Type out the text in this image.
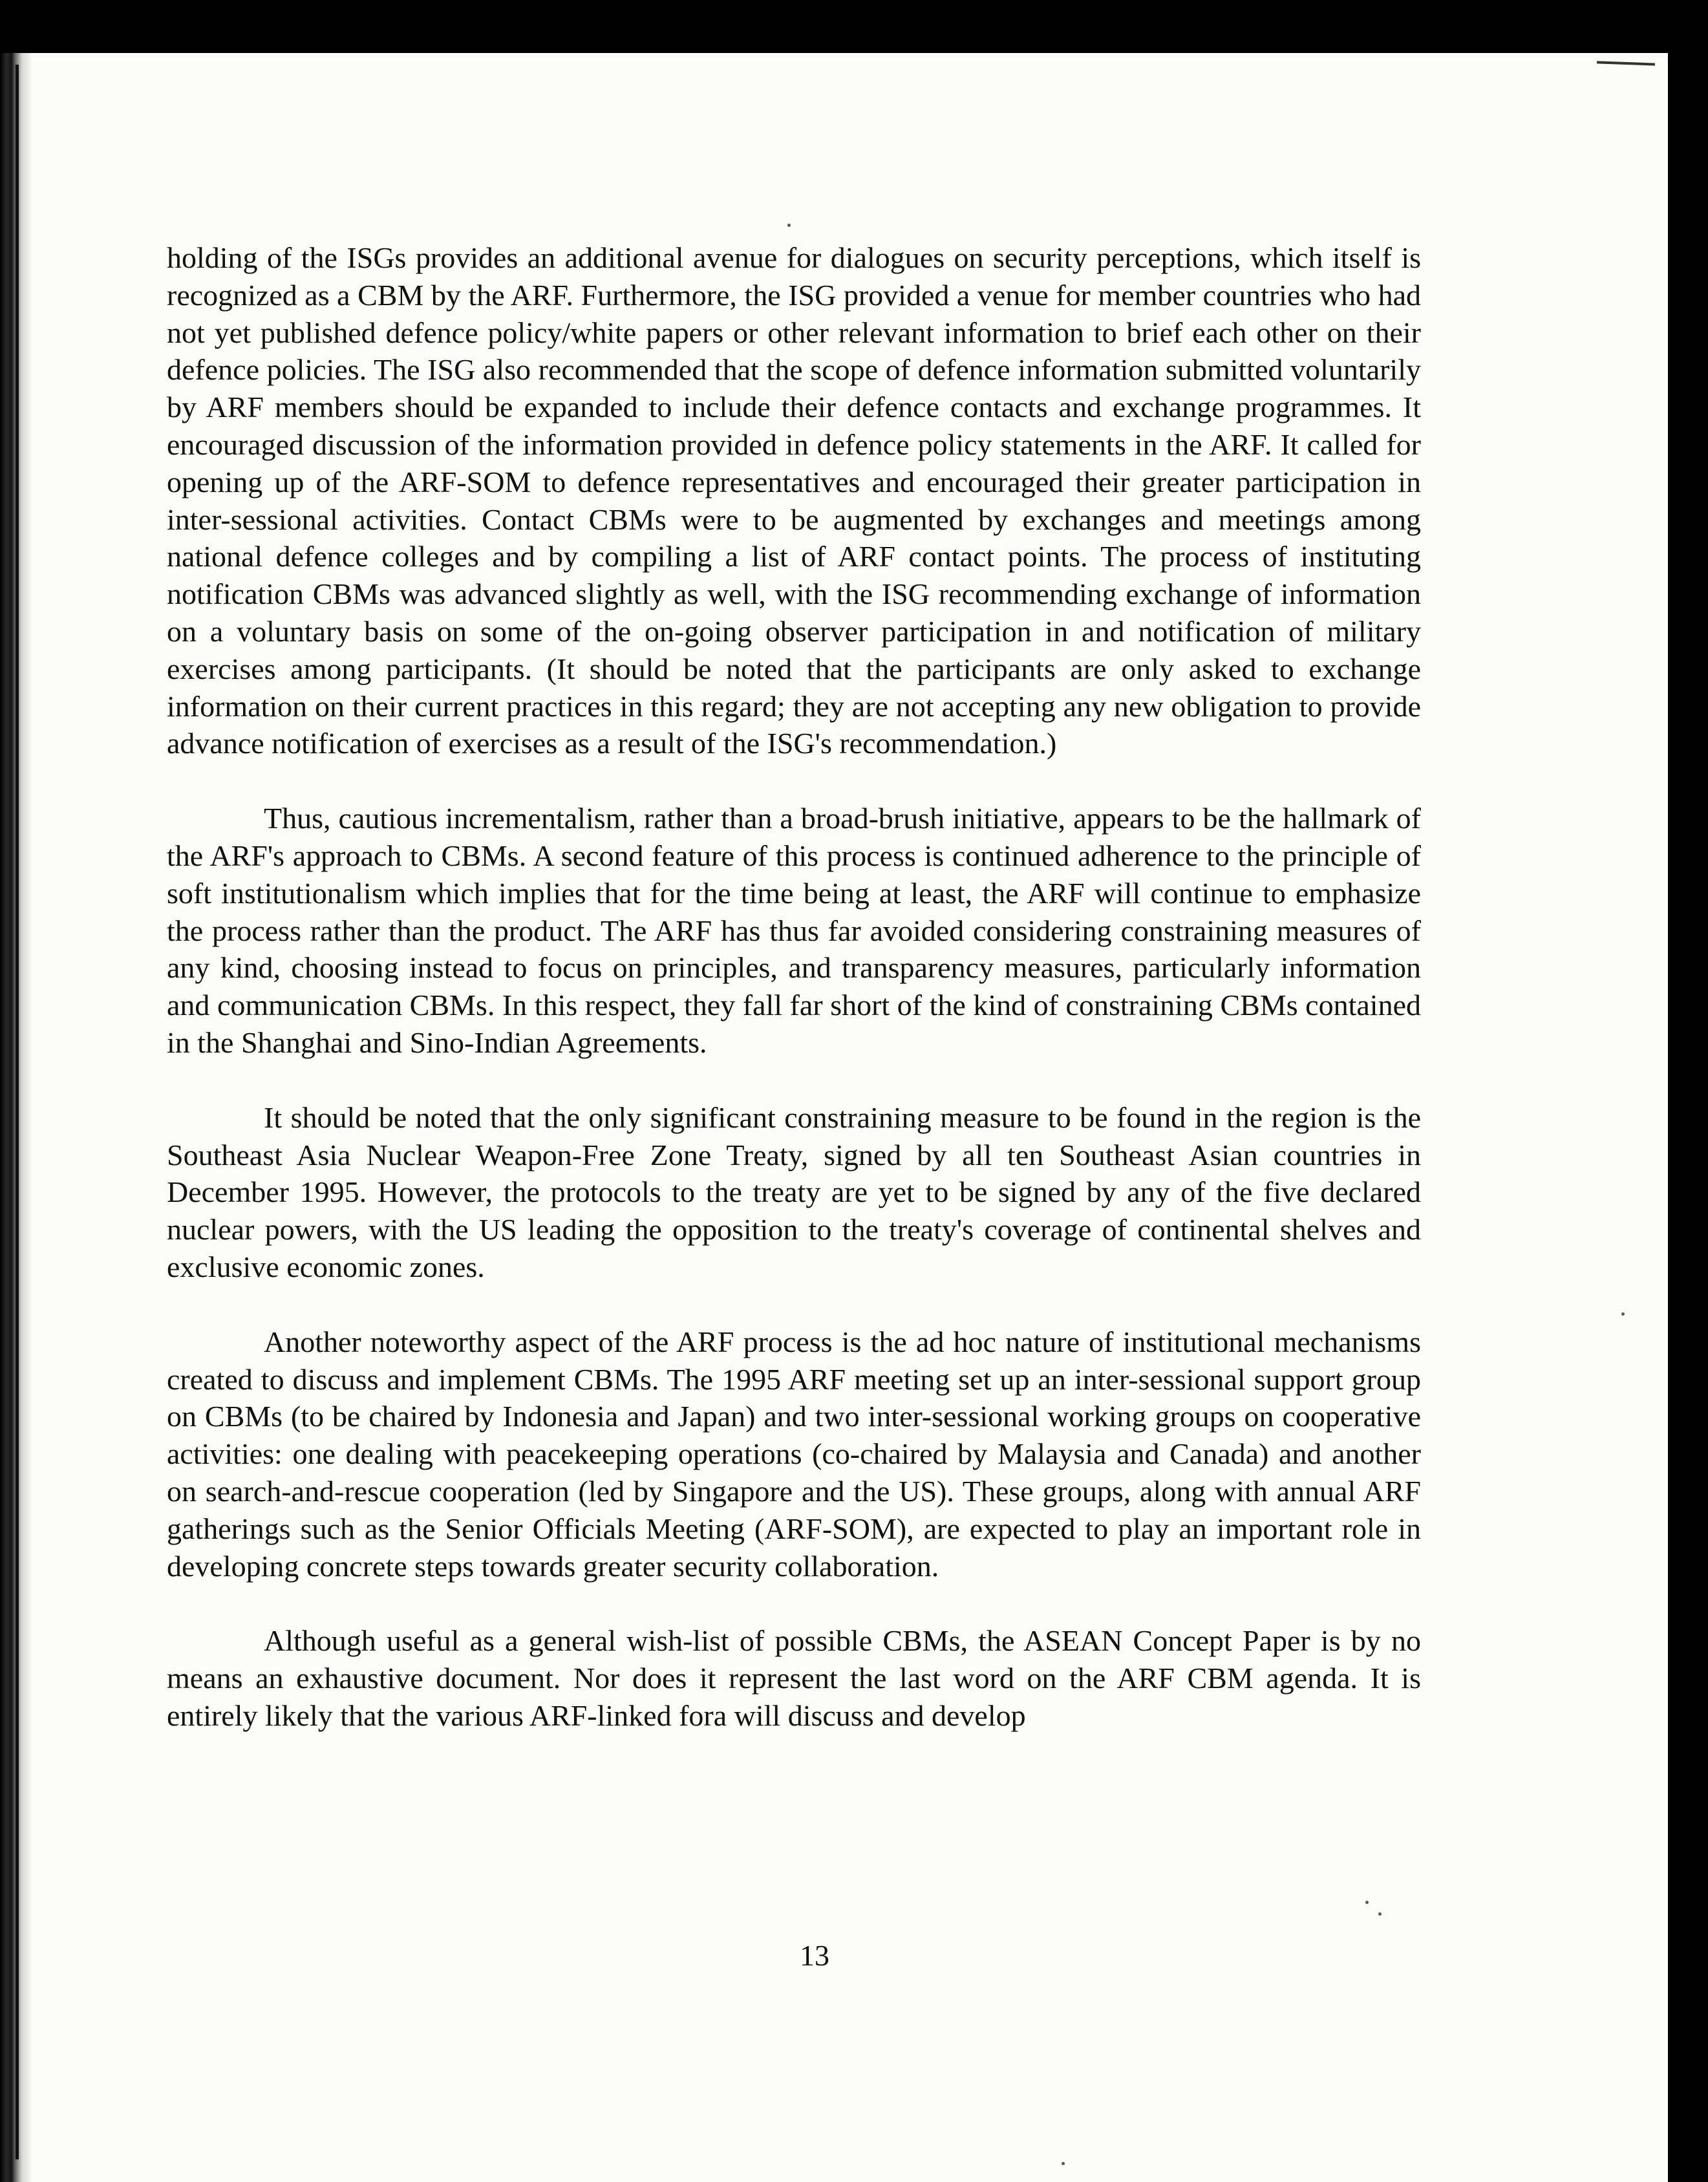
holding of the ISGs provides an additional avenue for dialogues on security perceptions, which itself is recognized as a CBM by the ARF. Furthermore, the ISG provided a venue for member countries who had not yet published defence policy/white papers or other relevant information to brief each other on their defence policies. The ISG also recommended that the scope of defence information submitted voluntarily by ARF members should be expanded to include their defence contacts and exchange programmes. It encouraged discussion of the information provided in defence policy statements in the ARF. It called for opening up of the ARF-SOM to defence representatives and encouraged their greater participation in inter-sessional activities. Contact CBMs were to be augmented by exchanges and meetings among national defence colleges and by compiling a list of ARF contact points. The process of instituting notification CBMs was advanced slightly as well, with the ISG recommending exchange of information on a voluntary basis on some of the on-going observer participation in and notification of military exercises among participants. (It should be noted that the participants are only asked to exchange information on their current practices in this regard; they are not accepting any new obligation to provide advance notification of exercises as a result of the ISG's recommendation.)

Thus, cautious incrementalism, rather than a broad-brush initiative, appears to be the hallmark of the ARF's approach to CBMs. A second feature of this process is continued adherence to the principle of soft institutionalism which implies that for the time being at least, the ARF will continue to emphasize the process rather than the product. The ARF has thus far avoided considering constraining measures of any kind, choosing instead to focus on principles, and transparency measures, particularly information and communication CBMs. In this respect, they fall far short of the kind of constraining CBMs contained in the Shanghai and Sino-Indian Agreements.

It should be noted that the only significant constraining measure to be found in the region is the Southeast Asia Nuclear Weapon-Free Zone Treaty, signed by all ten Southeast Asian countries in December 1995. However, the protocols to the treaty are yet to be signed by any of the five declared nuclear powers, with the US leading the opposition to the treaty's coverage of continental shelves and exclusive economic zones.

Another noteworthy aspect of the ARF process is the ad hoc nature of institutional mechanisms created to discuss and implement CBMs. The 1995 ARF meeting set up an inter-sessional support group on CBMs (to be chaired by Indonesia and Japan) and two inter-sessional working groups on cooperative activities: one dealing with peacekeeping operations (co-chaired by Malaysia and Canada) and another on search-and-rescue cooperation (led by Singapore and the US). These groups, along with annual ARF gatherings such as the Senior Officials Meeting (ARF-SOM), are expected to play an important role in developing concrete steps towards greater security collaboration.

Although useful as a general wish-list of possible CBMs, the ASEAN Concept Paper is by no means an exhaustive document. Nor does it represent the last word on the ARF CBM agenda. It is entirely likely that the various ARF-linked fora will discuss and develop

13
